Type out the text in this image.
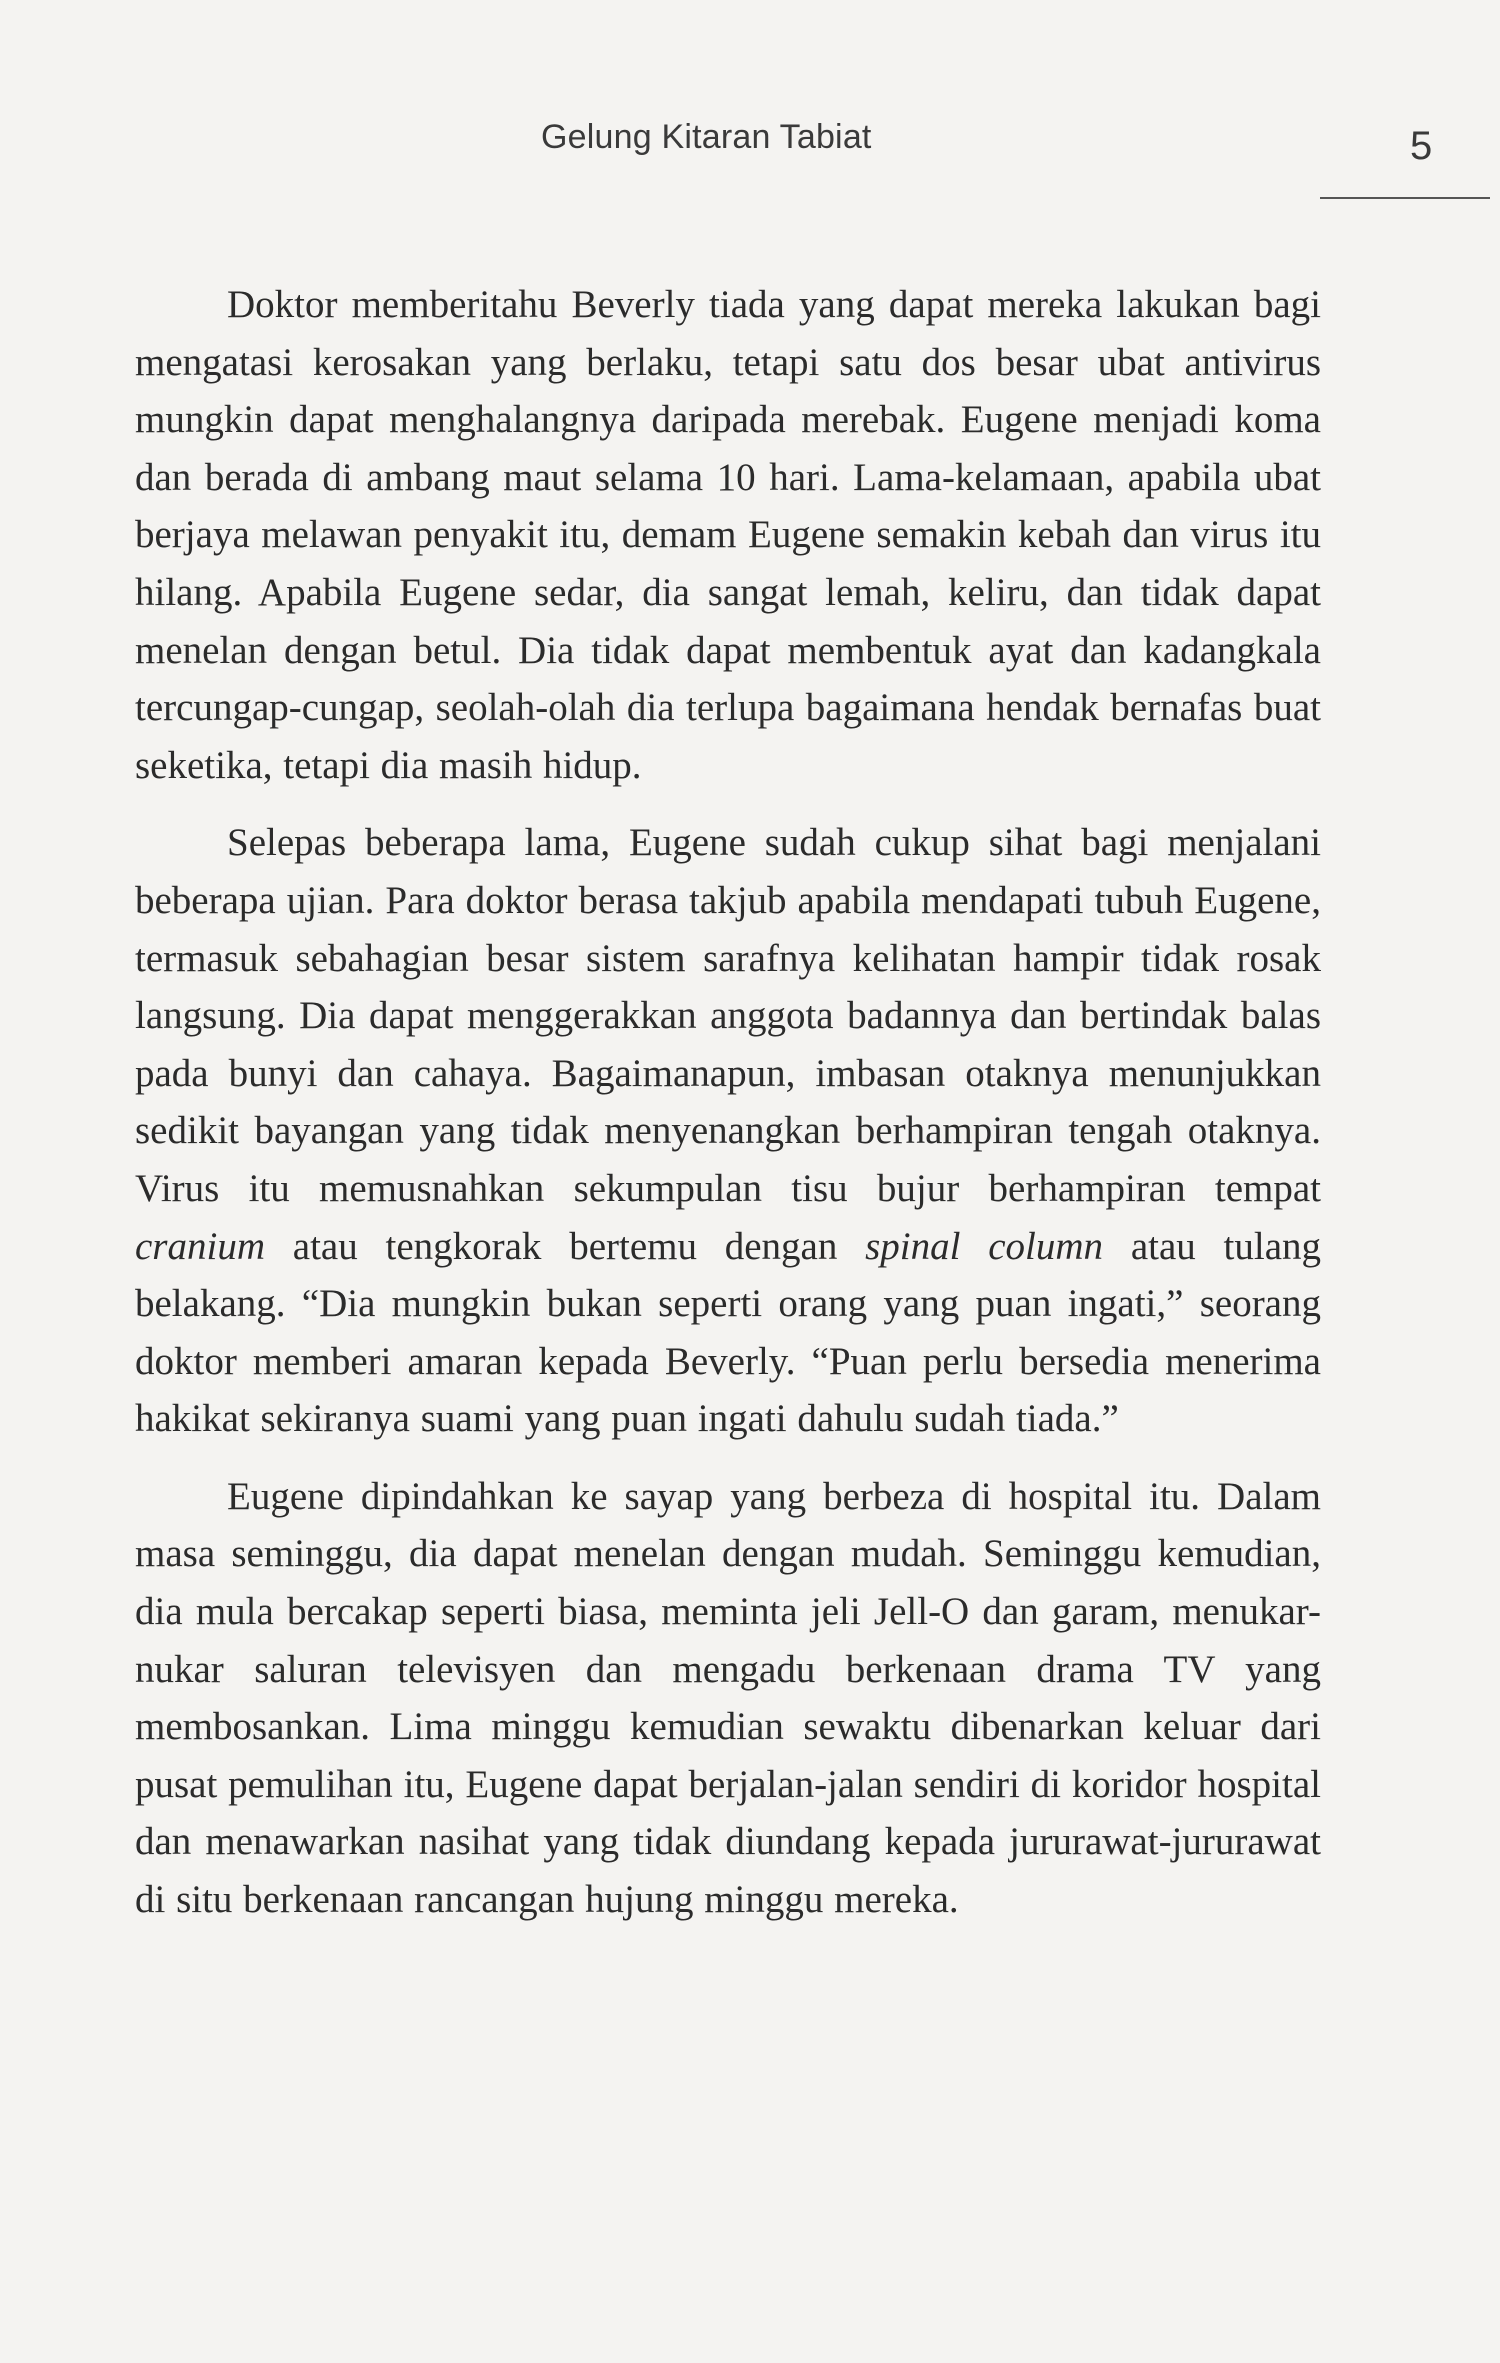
Gelung Kitaran Tabiat	5

Doktor memberitahu Beverly tiada yang dapat mereka lakukan bagi mengatasi kerosakan yang berlaku, tetapi satu dos besar ubat antivirus mungkin dapat menghalangnya daripada merebak. Eugene menjadi koma dan berada di ambang maut selama 10 hari. Lama-kelamaan, apabila ubat berjaya melawan penyakit itu, demam Eugene semakin kebah dan virus itu hilang. Apabila Eugene sedar, dia sangat lemah, keliru, dan tidak dapat menelan dengan betul. Dia tidak dapat membentuk ayat dan kadangkala tercungap-cungap, seolah-olah dia terlupa bagaimana hendak bernafas buat seketika, tetapi dia masih hidup.

Selepas beberapa lama, Eugene sudah cukup sihat bagi menjalani beberapa ujian. Para doktor berasa takjub apabila mendapati tubuh Eugene, termasuk sebahagian besar sistem sarafnya kelihatan hampir tidak rosak langsung. Dia dapat menggerakkan anggota badannya dan bertindak balas pada bunyi dan cahaya. Bagaimanapun, imbasan otaknya menunjukkan sedikit bayangan yang tidak menyenangkan berhampiran tengah otaknya. Virus itu memusnahkan sekumpulan tisu bujur berhampiran tempat cranium atau tengkorak bertemu dengan spinal column atau tulang belakang. “Dia mungkin bukan seperti orang yang puan ingati,” seorang doktor memberi amaran kepada Beverly. “Puan perlu bersedia menerima hakikat sekiranya suami yang puan ingati dahulu sudah tiada.”

Eugene dipindahkan ke sayap yang berbeza di hospital itu. Dalam masa seminggu, dia dapat menelan dengan mudah. Seminggu kemudian, dia mula bercakap seperti biasa, meminta jeli Jell-O dan garam, menukar-nukar saluran televisyen dan mengadu berkenaan drama TV yang membosankan. Lima minggu kemudian sewaktu dibenarkan keluar dari pusat pemulihan itu, Eugene dapat berjalan-jalan sendiri di koridor hospital dan menawarkan nasihat yang tidak diundang kepada jururawat-jururawat di situ berkenaan rancangan hujung minggu mereka.
